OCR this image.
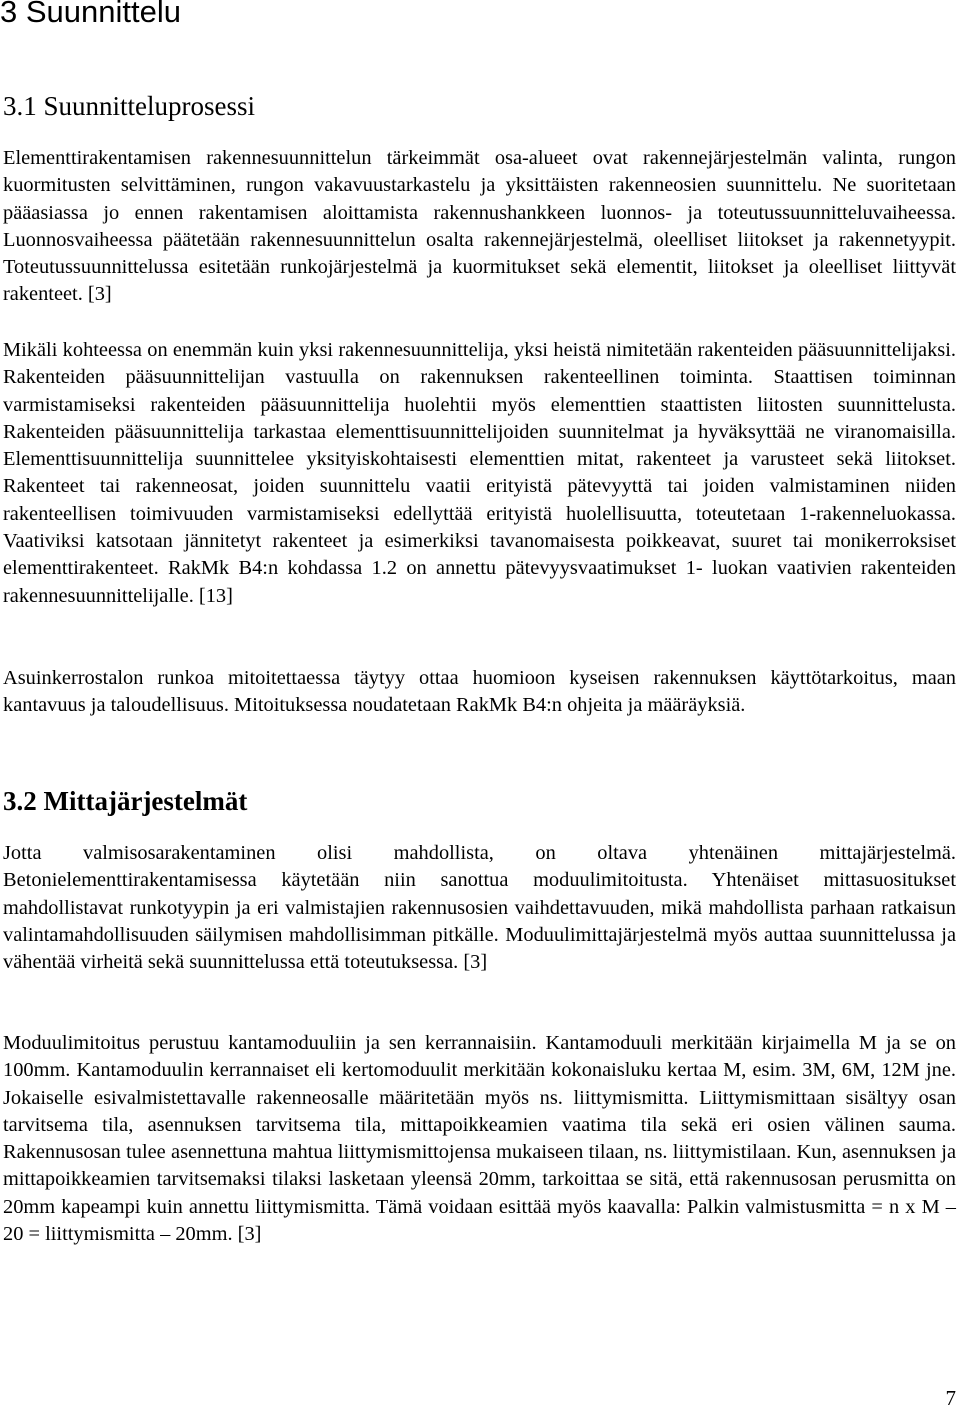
3 Suunnittelu
3.1 Suunnitteluprosessi

Elementtirakentamisen rakennesuunnittelun tärkeimmät osa-alueet ovat rakennejärjestelmän valinta, rungon kuormitusten selvittäminen, rungon vakavuustarkastelu ja yksittäisten rakenneosien suunnittelu. Ne suoritetaan pääasiassa jo ennen rakentamisen aloittamista rakennushankkeen luonnos- ja toteutussuunnitteluvaiheessa. Luonnosvaiheessa päätetään rakennesuunnittelun osalta rakennejärjestelmä, oleelliset liitokset ja rakennetyypit. Toteutussuunnittelussa esitetään runkojärjestelmä ja kuormitukset sekä elementit, liitokset ja oleelliset liittyvät rakenteet. [3]

Mikäli kohteessa on enemmän kuin yksi rakennesuunnittelija, yksi heistä nimitetään rakenteiden pääsuunnittelijaksi. Rakenteiden pääsuunnittelijan vastuulla on rakennuksen rakenteellinen toiminta. Staattisen toiminnan varmistamiseksi rakenteiden pääsuunnittelija huolehtii myös elementtien staattisten liitosten suunnittelusta. Rakenteiden pääsuunnittelija tarkastaa elementtisuunnittelijoiden suunnitelmat ja hyväksyttää ne viranomaisilla. Elementtisuunnittelija suunnittelee yksityiskohtaisesti elementtien mitat, rakenteet ja varusteet sekä liitokset. Rakenteet tai rakenneosat, joiden suunnittelu vaatii erityistä pätevyyttä tai joiden valmistaminen niiden rakenteellisen toimivuuden varmistamiseksi edellyttää erityistä huolellisuutta, toteutetaan 1-rakenneluokassa. Vaativiksi katsotaan jännitetyt rakenteet ja esimerkiksi tavanomaisesta poikkeavat, suuret tai monikerroksiset elementtirakenteet. RakMk B4:n kohdassa 1.2 on annettu pätevyysvaatimukset 1- luokan vaativien rakenteiden rakennesuunnittelijalle. [13]

Asuinkerrostalon runkoa mitoitettaessa täytyy ottaa huomioon kyseisen rakennuksen käyttötarkoitus, maan kantavuus ja taloudellisuus. Mitoituksessa noudatetaan RakMk B4:n ohjeita ja määräyksiä.

3.2 Mittajärjestelmät

Jotta valmisosarakentaminen olisi mahdollista, on oltava yhtenäinen mittajärjestelmä. Betonielementtirakentamisessa käytetään niin sanottua moduulimitoitusta. Yhtenäiset mittasuositukset mahdollistavat runkotyypin ja eri valmistajien rakennusosien vaihdettavuuden, mikä mahdollista parhaan ratkaisun valintamahdollisuuden säilymisen mahdollisimman pitkälle. Moduulimittajärjestelmä myös auttaa suunnittelussa ja vähentää virheitä sekä suunnittelussa että toteutuksessa. [3]

Moduulimitoitus perustuu kantamoduuliin ja sen kerrannaisiin. Kantamoduuli merkitään kirjaimella M ja se on 100mm. Kantamoduulin kerrannaiset eli kertomoduulit merkitään kokonaisluku kertaa M, esim. 3M, 6M, 12M jne. Jokaiselle esivalmistettavalle rakenneosalle määritetään myös ns. liittymismitta. Liittymismittaan sisältyy osan tarvitsema tila, asennuksen tarvitsema tila, mittapoikkeamien vaatima tila sekä eri osien välinen sauma. Rakennusosan tulee asennettuna mahtua liittymismittojensa mukaiseen tilaan, ns. liittymistilaan. Kun, asennuksen ja mittapoikkeamien tarvitsemaksi tilaksi lasketaan yleensä 20mm, tarkoittaa se sitä, että rakennusosan perusmitta on 20mm kapeampi kuin annettu liittymismitta. Tämä voidaan esittää myös kaavalla: Palkin valmistusmitta = n x M – 20 = liittymismitta – 20mm. [3]

7
